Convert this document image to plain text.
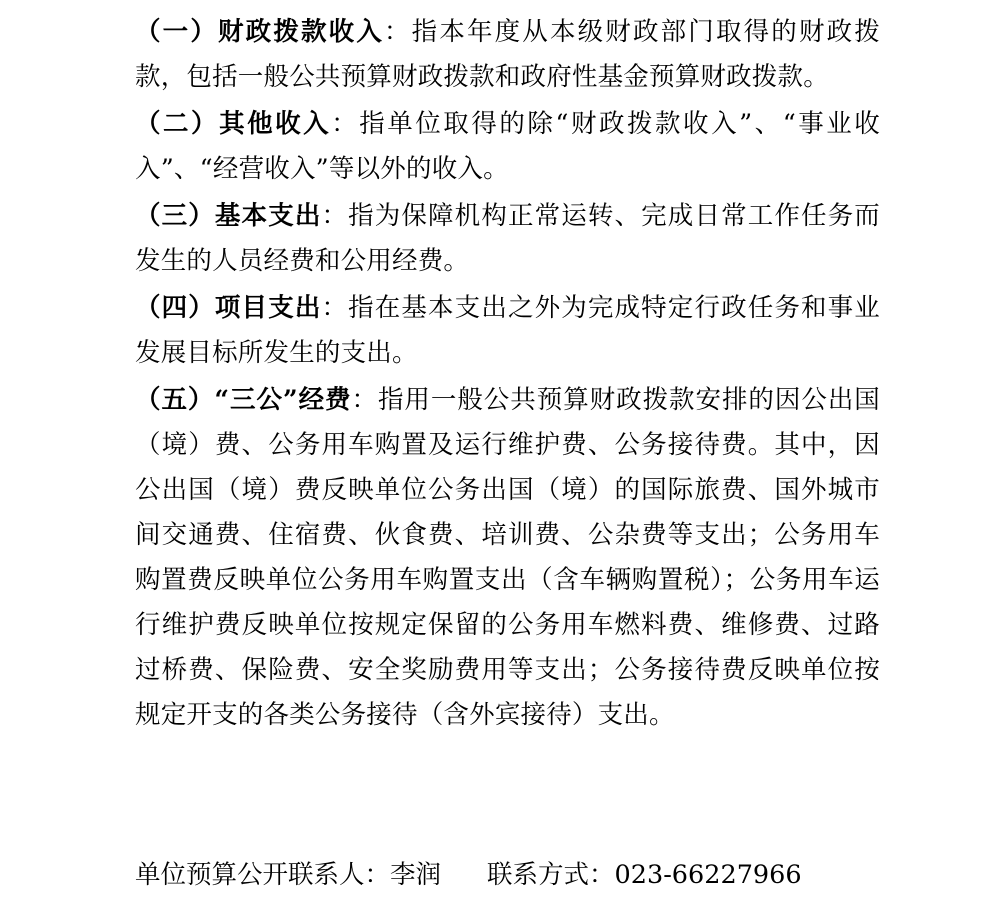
（一）财政拨款收入：指本年度从本级财政部门取得的财政拨款，包括一般公共预算财政拨款和政府性基金预算财政拨款。

（二）其他收入：指单位取得的除“财政拨款收入”、“事业收入”、“经营收入”等以外的收入。

（三）基本支出：指为保障机构正常运转、完成日常工作任务而发生的人员经费和公用经费。

（四）项目支出：指在基本支出之外为完成特定行政任务和事业发展目标所发生的支出。

（五）“三公”经费：指用一般公共预算财政拨款安排的因公出国（境）费、公务用车购置及运行维护费、公务接待费。其中，因公出国（境）费反映单位公务出国（境）的国际旅费、国外城市间交通费、住宿费、伙食费、培训费、公杂费等支出；公务用车购置费反映单位公务用车购置支出（含车辆购置税）；公务用车运行维护费反映单位按规定保留的公务用车燃料费、维修费、过路过桥费、保险费、安全奖励费用等支出；公务接待费反映单位按规定开支的各类公务接待（含外宾接待）支出。

单位预算公开联系人：李润 联系方式：023-66227966
